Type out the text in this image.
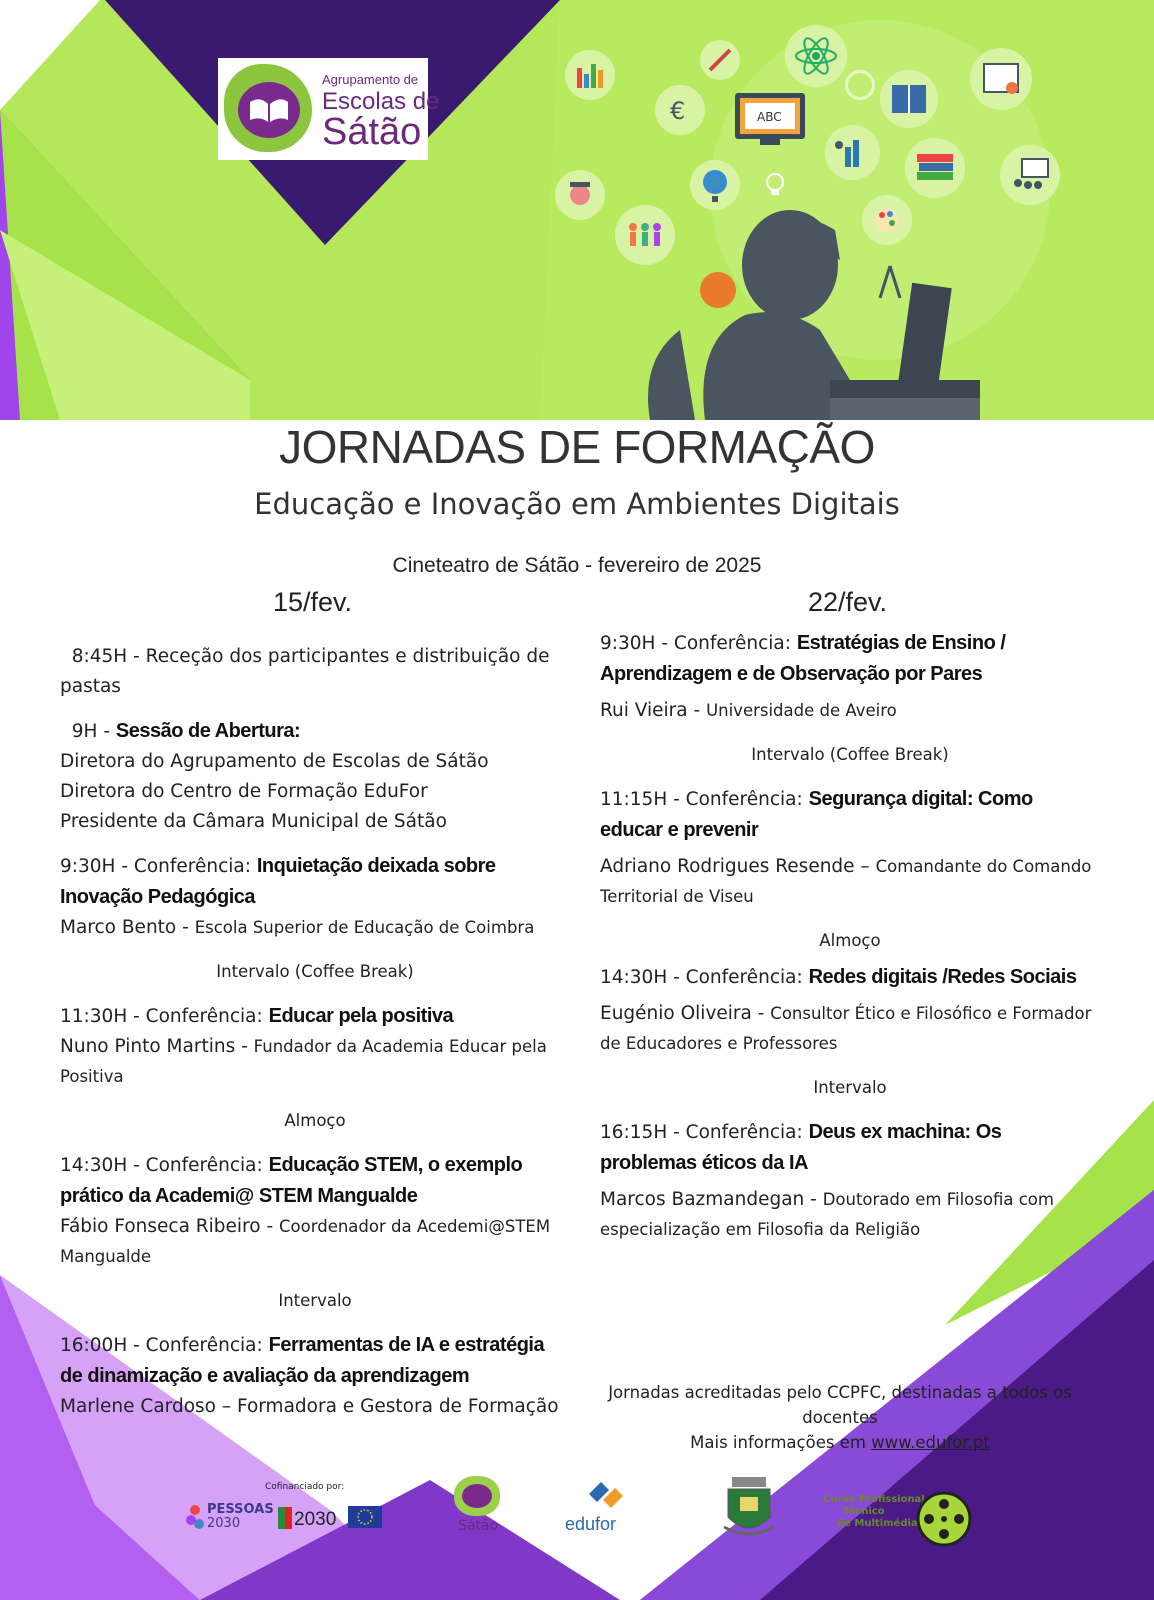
€	ABC
Agrupamento de
Escolas de
Sátão
JORNADAS DE FORMAÇÃO
Educação e Inovação em Ambientes Digitais
Cineteatro de Sátão - fevereiro de 2025
15/fev.	22/fev.

8:45H - Receção dos participantes e distribuição de pastas

9H - Sessão de Abertura:

Diretora do Agrupamento de Escolas de Sátão

Diretora do Centro de Formação EduFor

Presidente da Câmara Municipal de Sátão

9:30H - Conferência: Inquietação deixada sobre Inovação Pedagógica

Marco Bento - Escola Superior de Educação de Coimbra

Intervalo (Coffee Break)

11:30H - Conferência: Educar pela positiva

Nuno Pinto Martins - Fundador da Academia Educar pela Positiva

Almoço

14:30H - Conferência: Educação STEM, o exemplo prático da Academi@ STEM Mangualde

Fábio Fonseca Ribeiro - Coordenador da Acedemi@STEM Mangualde

Intervalo

16:00H - Conferência: Ferramentas de IA e estratégia de dinamização e avaliação da aprendizagem

Marlene Cardoso – Formadora e Gestora de Formação

9:30H - Conferência: Estratégias de Ensino / Aprendizagem e de Observação por Pares

Rui Vieira - Universidade de Aveiro

Intervalo (Coffee Break)

11:15H - Conferência: Segurança digital: Como educar e prevenir

Adriano Rodrigues Resende – Comandante do Comando Territorial de Viseu

Almoço

14:30H - Conferência: Redes digitais /Redes Sociais

Eugénio Oliveira - Consultor Ético e Filosófico e Formador de Educadores e Professores

Intervalo

16:15H - Conferência: Deus ex machina: Os problemas éticos da IA

Marcos Bazmandegan - Doutorado em Filosofia com especialização em Filosofia da Religião

Jornadas acreditadas pelo CCPFC, destinadas a todos os docentes
Mais informações em www.edufor.pt
Cofinanciado por:
PESSOAS
2030	2030	Sátão	edufor
Curso Profissional
Técnico
de Multimédia
